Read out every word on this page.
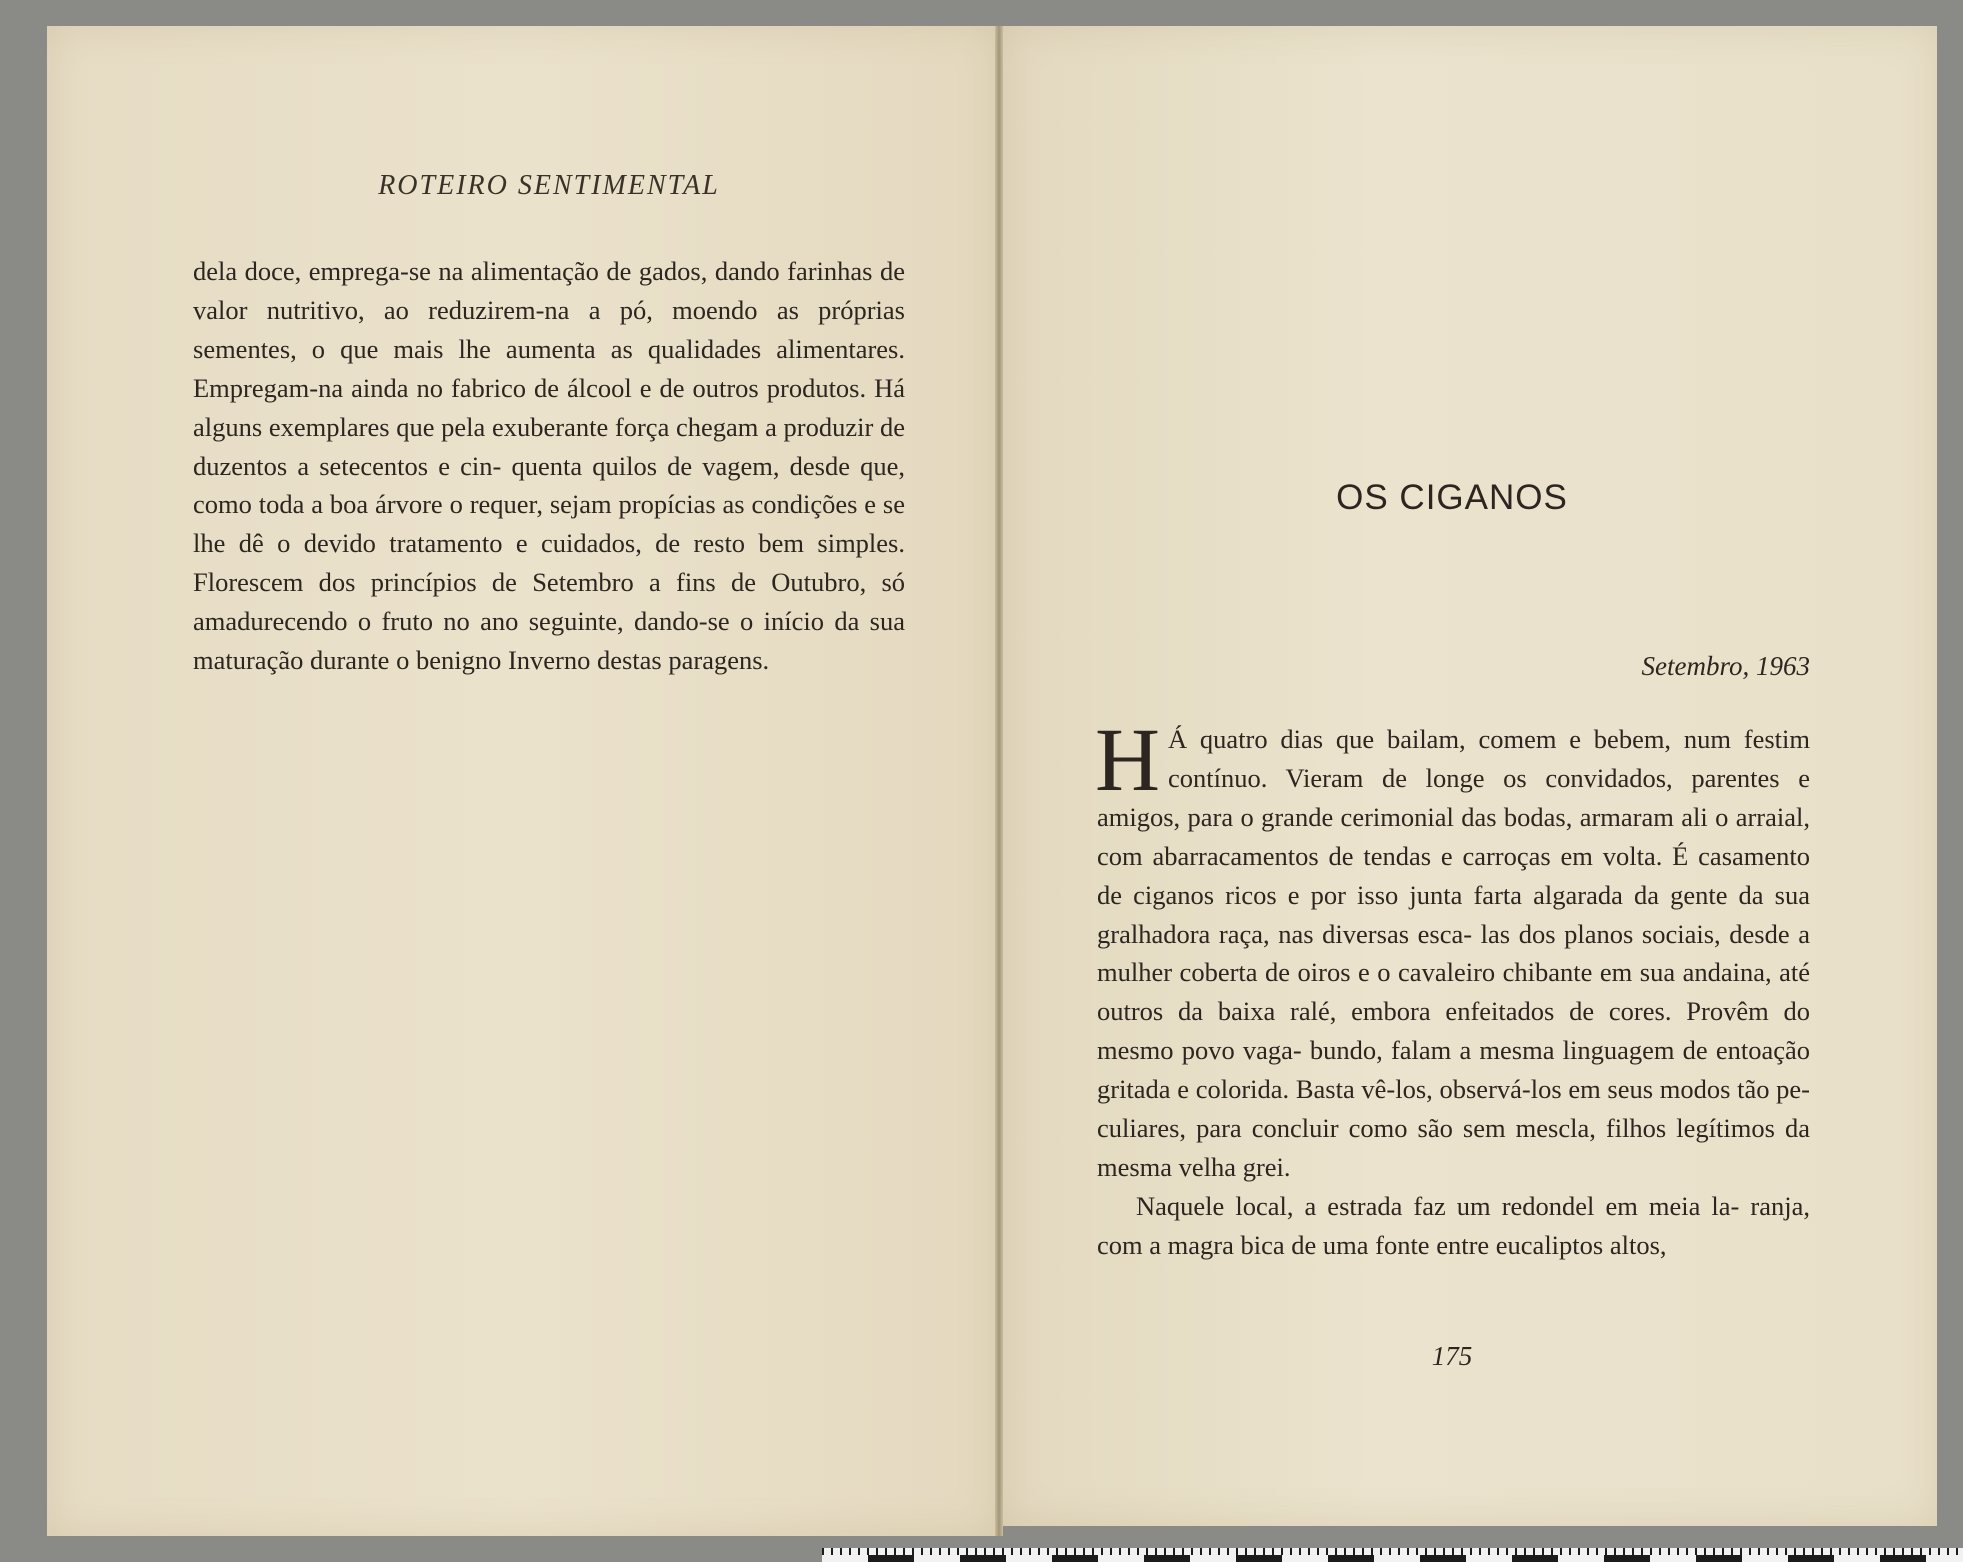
ROTEIRO SENTIMENTAL

dela doce, emprega-se na alimentação de gados, dando farinhas de valor nutritivo, ao reduzirem-na a pó, moendo as próprias sementes, o que mais lhe aumenta as qualidades alimentares. Empregam-na ainda no fabrico de álcool e de outros produtos. Há alguns exemplares que pela exuberante força chegam a produzir de duzentos a setecentos e cin- quenta quilos de vagem, desde que, como toda a boa árvore o requer, sejam propícias as condições e se lhe dê o devido tratamento e cuidados, de resto bem simples. Florescem dos princípios de Setembro a fins de Outubro, só amadurecendo o fruto no ano seguinte, dando-se o início da sua maturação durante o benigno Inverno destas paragens.

OS CIGANOS
Setembro, 1963

H Á quatro dias que bailam, comem e bebem, num festim contínuo. Vieram de longe os convidados, parentes e amigos, para o grande cerimonial das bodas, armaram ali o arraial, com abarracamentos de tendas e carroças em volta. É casamento de ciganos ricos e por isso junta farta algarada da gente da sua gralhadora raça, nas diversas esca- las dos planos sociais, desde a mulher coberta de oiros e o cavaleiro chibante em sua andaina, até outros da baixa ralé, embora enfeitados de cores. Provêm do mesmo povo vaga- bundo, falam a mesma linguagem de entoação gritada e colorida. Basta vê-los, observá-los em seus modos tão pe- culiares, para concluir como são sem mescla, filhos legítimos da mesma velha grei.

Naquele local, a estrada faz um redondel em meia la- ranja, com a magra bica de uma fonte entre eucaliptos altos,

175
